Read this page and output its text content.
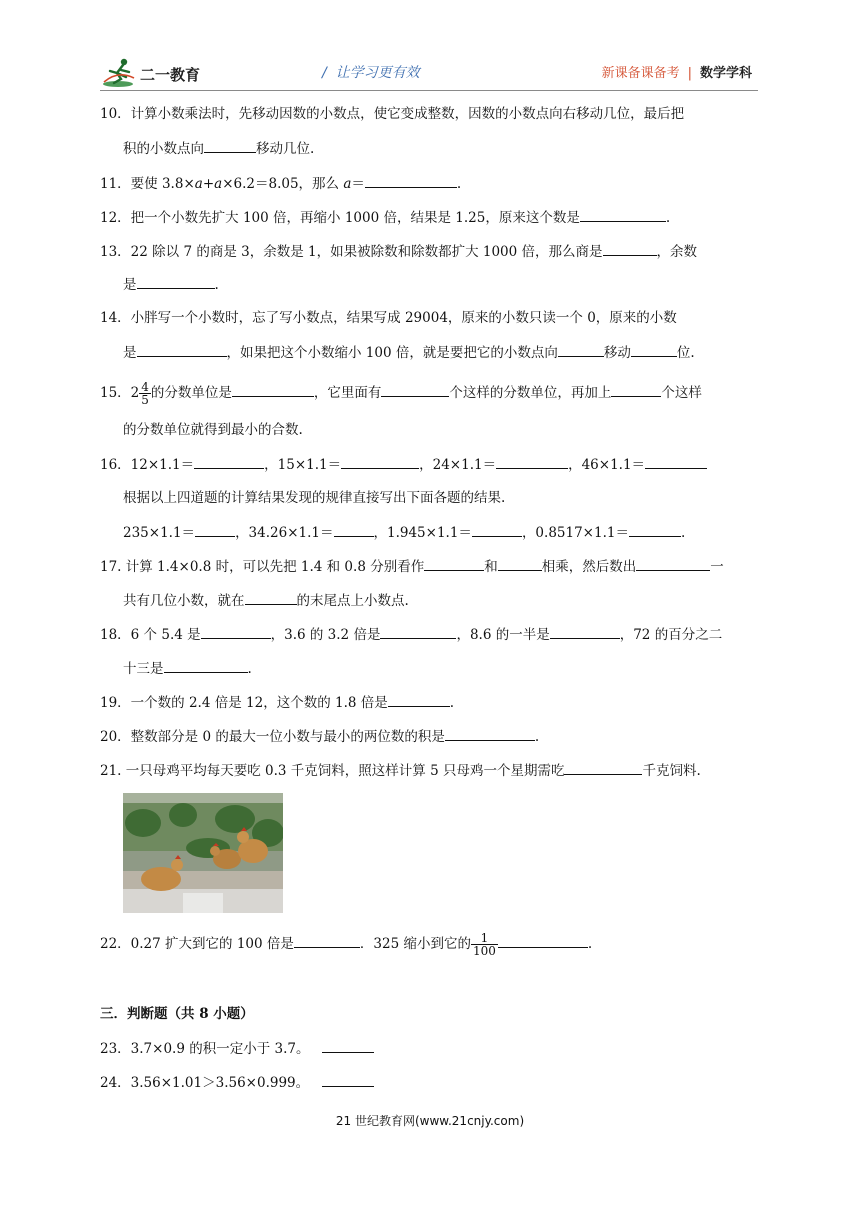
二一教育	/ 让学习更有效	新课备课备考 | 数学学科
10．计算小数乘法时，先移动因数的小数点，使它变成整数，因数的小数点向右移动几位，最后把
积的小数点向	移动几位.
11．要使 3.8×a+a×6.2＝8.05，那么 a＝	.
12．把一个小数先扩大 100 倍，再缩小 1000 倍，结果是 1.25，原来这个数是	.
13．22 除以 7 的商是 3，余数是 1，如果被除数和除数都扩大 1000 倍，那么商是	，余数
是	.
14．小胖写一个小数时，忘了写小数点，结果写成 29004，原来的小数只读一个 0，原来的小数
是	，如果把这个小数缩小 100 倍，就是要把它的小数点向	移动	位.
15．$2 \frac{4}{5}$ 的分数单位是	，它里面有	个这样的分数单位，再加上	个这样
的分数单位就得到最小的合数.
16．12×1.1＝	，15×1.1＝	，24×1.1＝	，46×1.1＝
根据以上四道题的计算结果发现的规律直接写出下面各题的结果.
235×1.1＝	，34.26×1.1＝	，1.945×1.1＝	，0.8517×1.1＝	.
17. 计算 1.4×0.8 时，可以先把 1.4 和 0.8 分别看作	和	相乘，然后数出	一
共有几位小数，就在	的末尾点上小数点.
18．6 个 5.4 是	，3.6 的 3.2 倍是	，8.6 的一半是	，72 的百分之二
十三是	.
19．一个数的 2.4 倍是 12，这个数的 1.8 倍是	.
20．整数部分是 0 的最大一位小数与最小的两位数的积是	.
21. 一只母鸡平均每天要吃 0.3 千克饲料，照这样计算 5 只母鸡一个星期需吃	千克饲料.
22．0.27 扩大到它的 100 倍是	．325 缩小到它的 $\frac{1}{100}$	.
三．判断题（共 8 小题）
23．3.7×0.9 的积一定小于 3.7。
24．3.56×1.01＞3.56×0.999。
21 世纪教育网(www.21cnjy.com)
